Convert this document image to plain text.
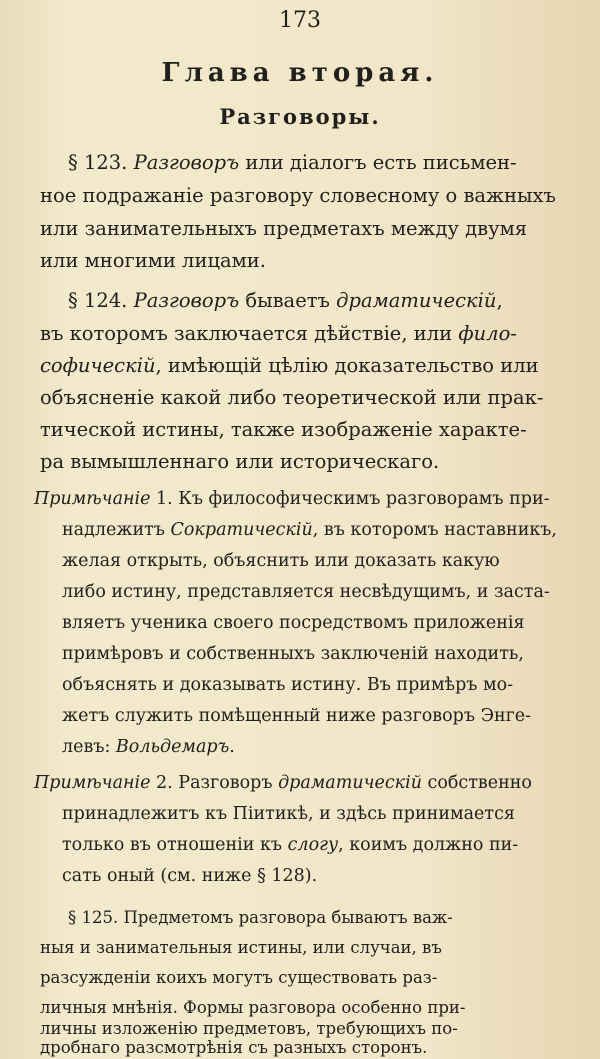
173
Глава вторая.
Разговоры.
§ 123. Разговоръ или діалогъ есть письмен-
ное подражаніе разговору словесному о важныхъ
или занимательныхъ предметахъ между двумя
или многими лицами.
§ 124. Разговоръ бываетъ драматическій,
въ которомъ заключается дѣйствіе, или фило-
софическій, имѣющій цѣлію доказательство или
объясненіе какой либо теоретической или прак-
тической истины, также изображеніе характе-
ра вымышленнаго или историческаго.
Примѣчаніе 1. Къ философическимъ разговорамъ при-
надлежитъ Сократическій, въ которомъ наставникъ,
желая открыть, объяснить или доказать какую
либо истину, представляется несвѣдущимъ, и заста-
вляетъ ученика своего посредствомъ приложенія
примѣровъ и собственныхъ заключеній находить,
объяснять и доказывать истину. Въ примѣръ мо-
жетъ служить помѣщенный ниже разговоръ Энге-
левъ: Вольдемаръ.
Примѣчаніе 2. Разговоръ драматическій собственно
принадлежитъ къ Піитикѣ, и здѣсь принимается
только въ отношеніи къ слогу, коимъ должно пи-
сать оный (см. ниже § 128).
§ 125. Предметомъ разговора бываютъ важ-
ныя и занимательныя истины, или случаи, въ
разсужденіи коихъ могутъ существовать раз-
личныя мнѣнія. Формы разговора особенно при-
личны изложенію предметовъ, требующихъ по-
дробнаго разсмотрѣнія съ разныхъ сторонъ.
